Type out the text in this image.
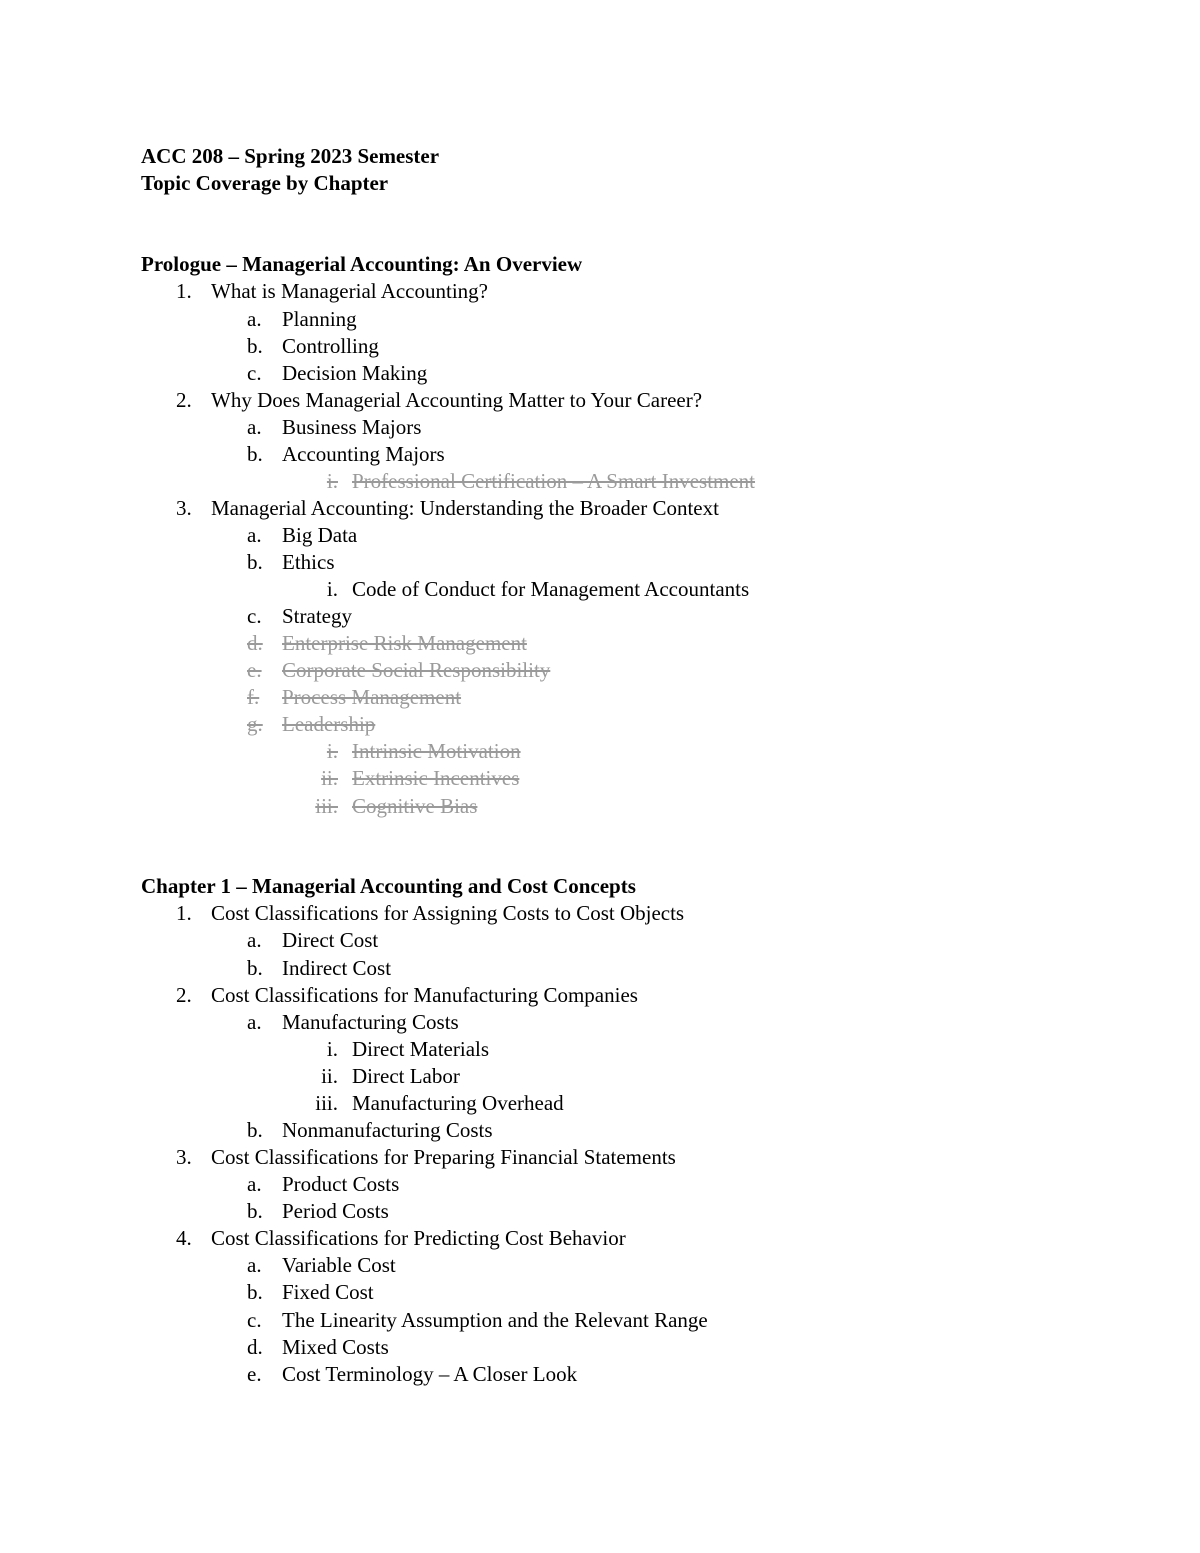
ACC 208 – Spring 2023 Semester
Topic Coverage by Chapter
Prologue – Managerial Accounting: An Overview
1. What is Managerial Accounting?
a. Planning
b. Controlling
c. Decision Making
2. Why Does Managerial Accounting Matter to Your Career?
a. Business Majors
b. Accounting Majors
i. Professional Certification – A Smart Investment
3. Managerial Accounting: Understanding the Broader Context
a. Big Data
b. Ethics
i. Code of Conduct for Management Accountants
c. Strategy
d. Enterprise Risk Management
e. Corporate Social Responsibility
f. Process Management
g. Leadership
i. Intrinsic Motivation
ii. Extrinsic Incentives
iii. Cognitive Bias
Chapter 1 – Managerial Accounting and Cost Concepts
1. Cost Classifications for Assigning Costs to Cost Objects
a. Direct Cost
b. Indirect Cost
2. Cost Classifications for Manufacturing Companies
a. Manufacturing Costs
i. Direct Materials
ii. Direct Labor
iii. Manufacturing Overhead
b. Nonmanufacturing Costs
3. Cost Classifications for Preparing Financial Statements
a. Product Costs
b. Period Costs
4. Cost Classifications for Predicting Cost Behavior
a. Variable Cost
b. Fixed Cost
c. The Linearity Assumption and the Relevant Range
d. Mixed Costs
e. Cost Terminology – A Closer Look
